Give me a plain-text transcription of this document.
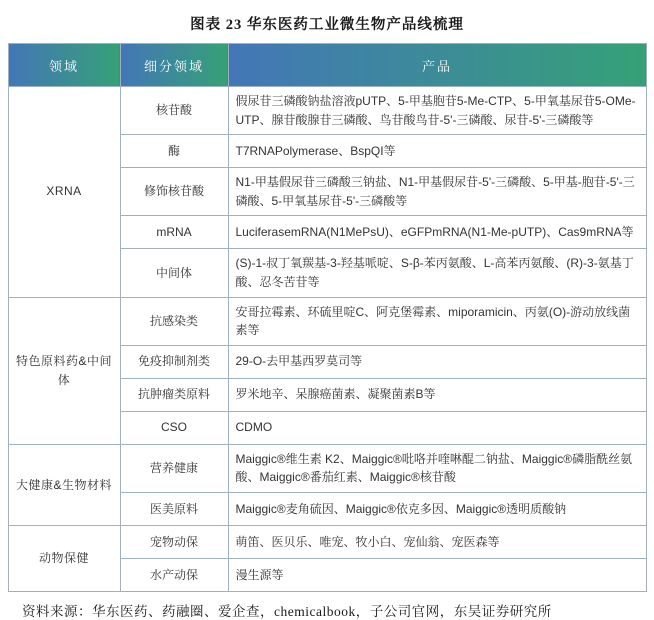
图表 23 华东医药工业微生物产品线梳理
领域	细分领域	产品
XRNA	核苷酸	假尿苷三磷酸钠盐溶液pUTP、5-甲基胞苷5-Me-CTP、5-甲氧基尿苷5-OMe-UTP、腺苷酸腺苷三磷酸、鸟苷酸鸟苷-5'-三磷酸、尿苷-5'-三磷酸等
	酶	T7RNAPolymerase、BspQI等
	修饰核苷酸	N1-甲基假尿苷三磷酸三钠盐、N1-甲基假尿苷-5'-三磷酸、5-甲基-胞苷-5'-三磷酸、5-甲氧基尿苷-5'-三磷酸等
	mRNA	LuciferasemRNA(N1MePsU)、eGFPmRNA(N1-Me-pUTP)、Cas9mRNA等
	中间体	(S)-1-叔丁氧羰基-3-羟基哌啶、S-β-苯丙氨酸、L-高苯丙氨酸、(R)-3-氨基丁酸、忍冬苦苷等
特色原料药&中间体	抗感染类	安哥拉霉素、环硫里啶C、阿克堡霉素、miporamicin、丙氨(O)-游动放线菌素等
	免疫抑制剂类	29-O-去甲基西罗莫司等
	抗肿瘤类原料	罗米地辛、呆腺癌菌素、凝聚菌素B等
	CSO	CDMO
大健康&生物材料	营养健康	Maiggic®维生素 K2、Maiggic®吡咯并喹啉醌二钠盐、Maiggic®磷脂酰丝氨酸、Maiggic®番茄红素、Maiggic®核苷酸
	医美原料	Maiggic®麦角硫因、Maiggic®依克多因、Maiggic®透明质酸钠
动物保健	宠物动保	萌笛、医贝乐、唯宠、牧小白、宠仙翁、宠医森等
	水产动保	漫生源等
资料来源：华东医药、药融圈、爱企查，chemicalbook，子公司官网，东吴证券研究所
